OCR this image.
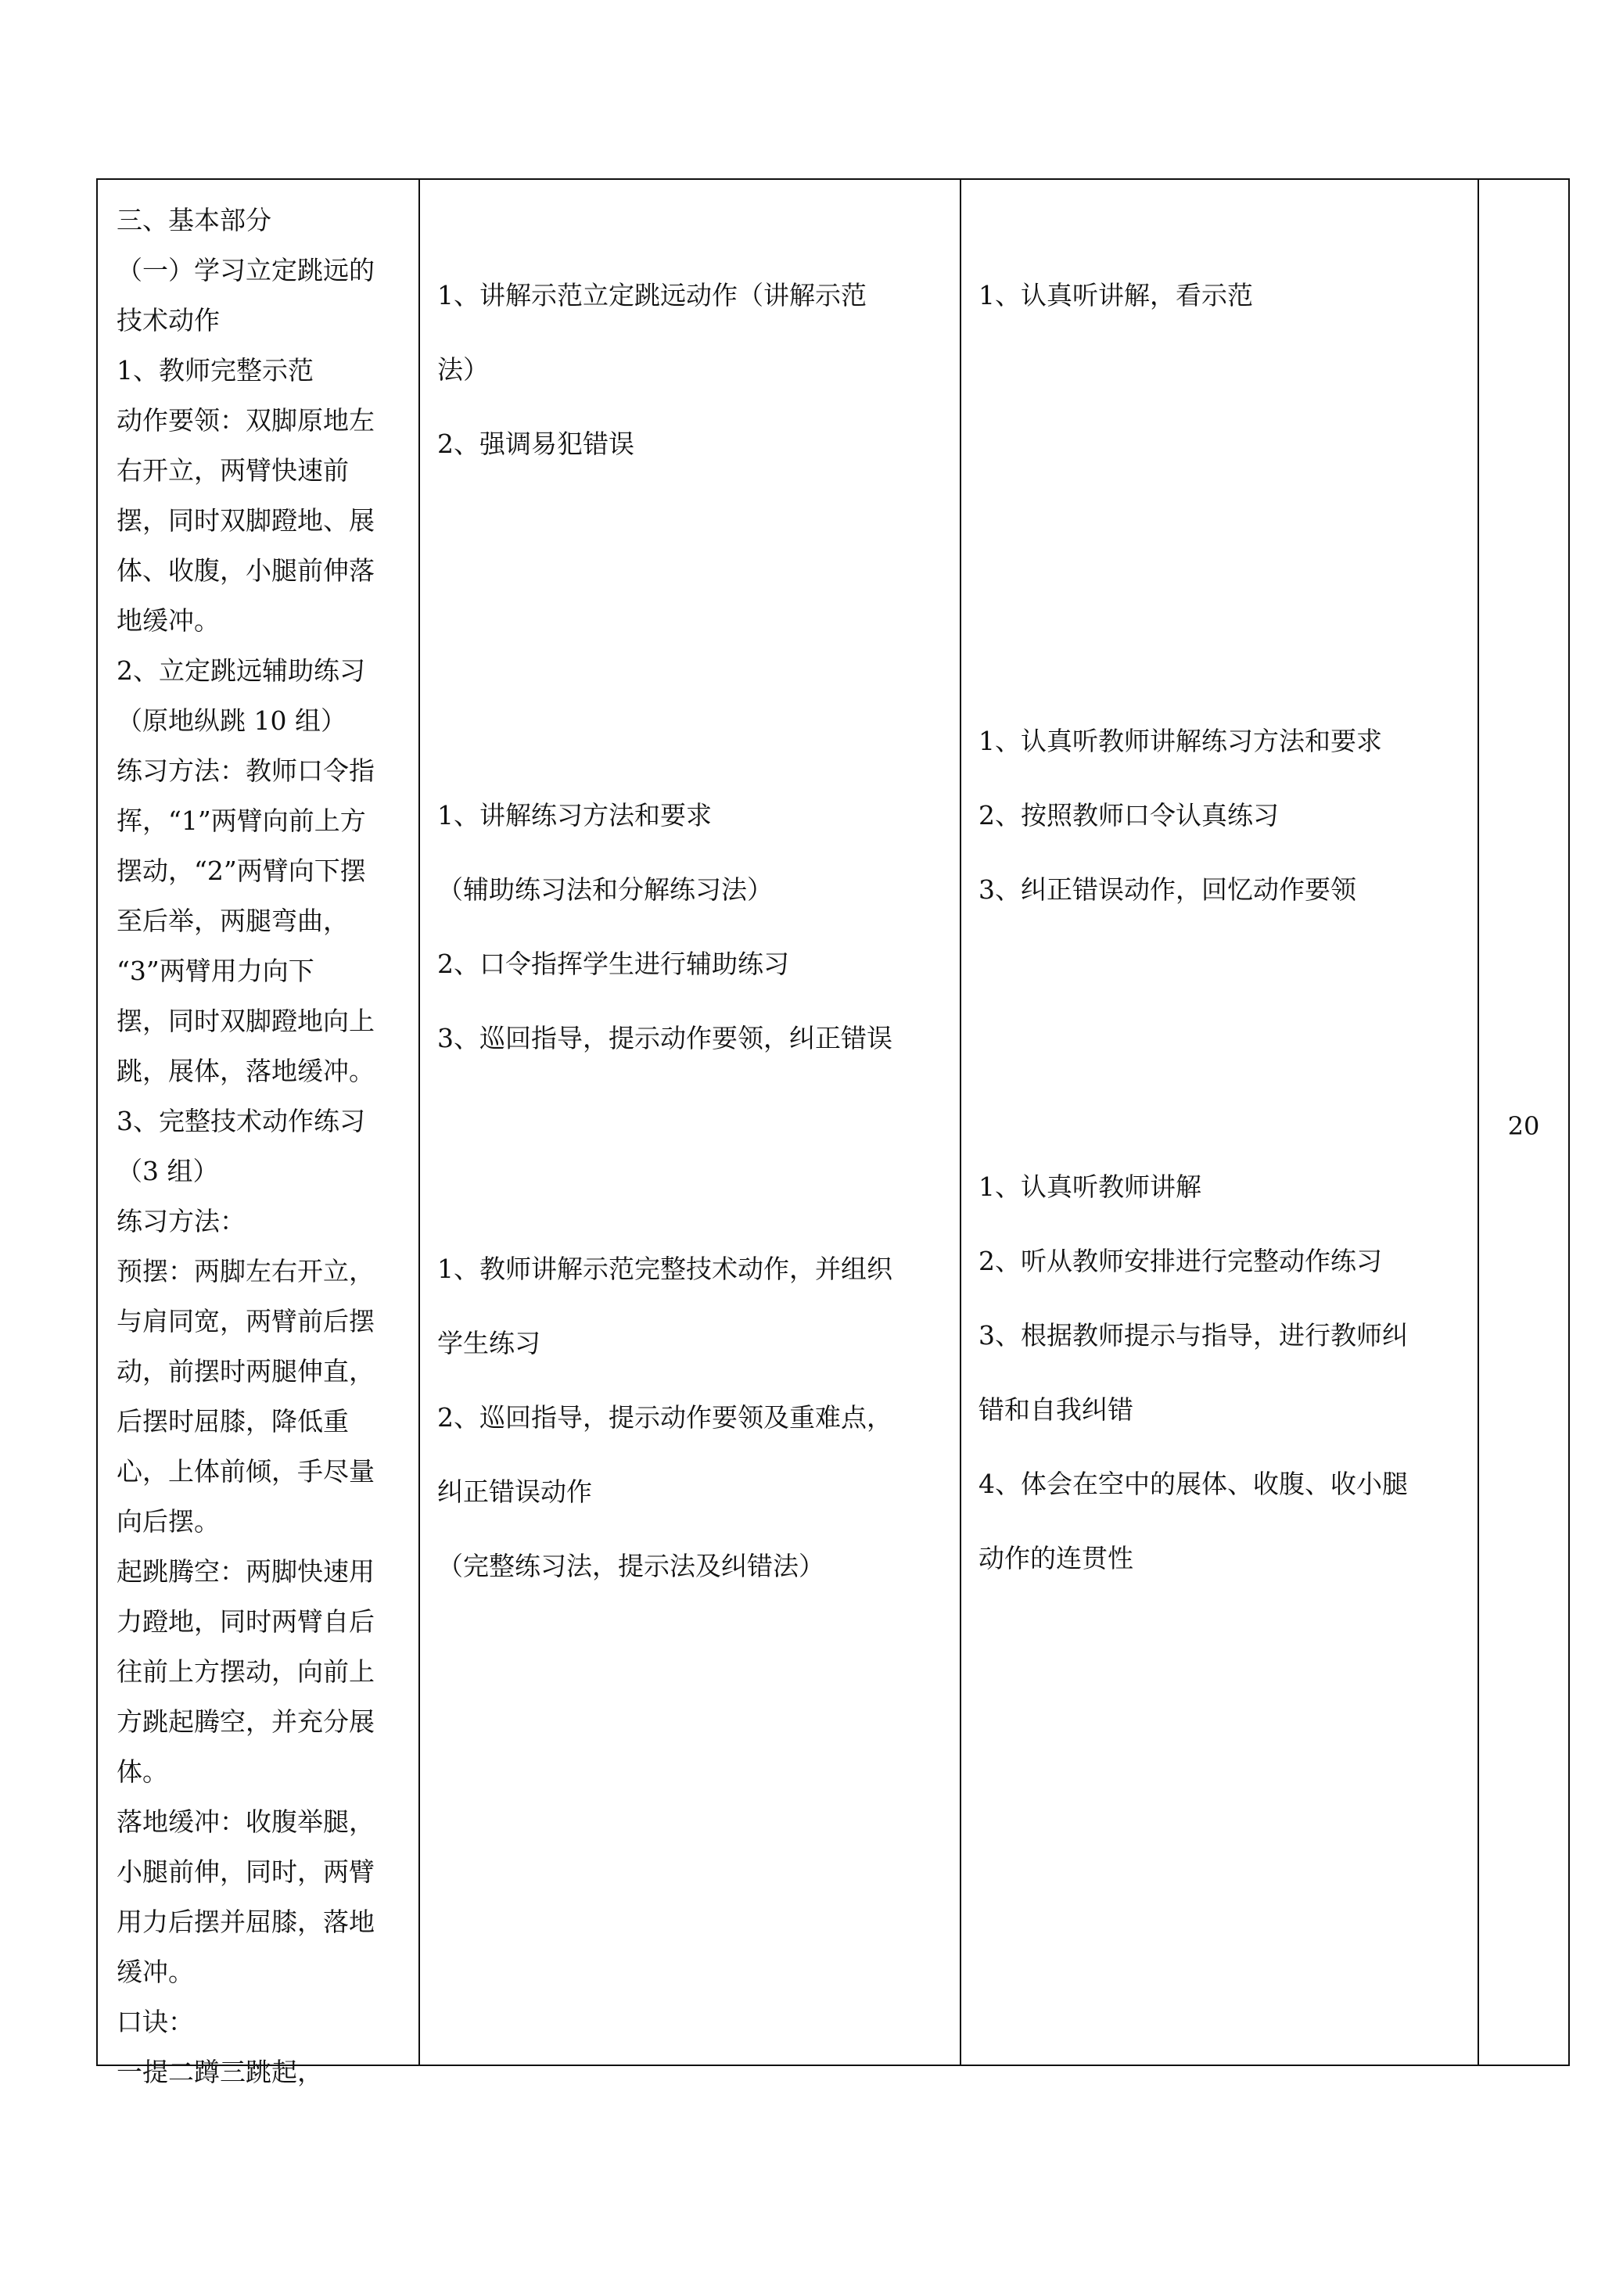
三、基本部分
（一）学习立定跳远的
技术动作
1、教师完整示范
动作要领：双脚原地左
右开立，两臂快速前
摆，同时双脚蹬地、展
体、收腹，小腿前伸落
地缓冲。
2、立定跳远辅助练习
（原地纵跳 10 组）
练习方法：教师口令指
挥，“1”两臂向前上方
摆动，“2”两臂向下摆
至后举，两腿弯曲，
“3”两臂用力向下
摆，同时双脚蹬地向上
跳，展体，落地缓冲。
3、完整技术动作练习
（3 组）
练习方法：
预摆：两脚左右开立，
与肩同宽，两臂前后摆
动，前摆时两腿伸直，
后摆时屈膝，降低重
心，上体前倾，手尽量
向后摆。
起跳腾空：两脚快速用
力蹬地，同时两臂自后
往前上方摆动，向前上
方跳起腾空，并充分展
体。
落地缓冲：收腹举腿，
小腿前伸，同时，两臂
用力后摆并屈膝，落地
缓冲。
口诀：
一提二蹲三跳起，
1、讲解示范立定跳远动作（讲解示范
法）
2、强调易犯错误
1、讲解练习方法和要求
（辅助练习法和分解练习法）
2、口令指挥学生进行辅助练习
3、巡回指导，提示动作要领，纠正错误
1、教师讲解示范完整技术动作，并组织
学生练习
2、巡回指导，提示动作要领及重难点，
纠正错误动作
（完整练习法，提示法及纠错法）
1、认真听讲解，看示范
1、认真听教师讲解练习方法和要求
2、按照教师口令认真练习
3、纠正错误动作，回忆动作要领
1、认真听教师讲解
2、听从教师安排进行完整动作练习
3、根据教师提示与指导，进行教师纠
错和自我纠错
4、体会在空中的展体、收腹、收小腿
动作的连贯性
20
